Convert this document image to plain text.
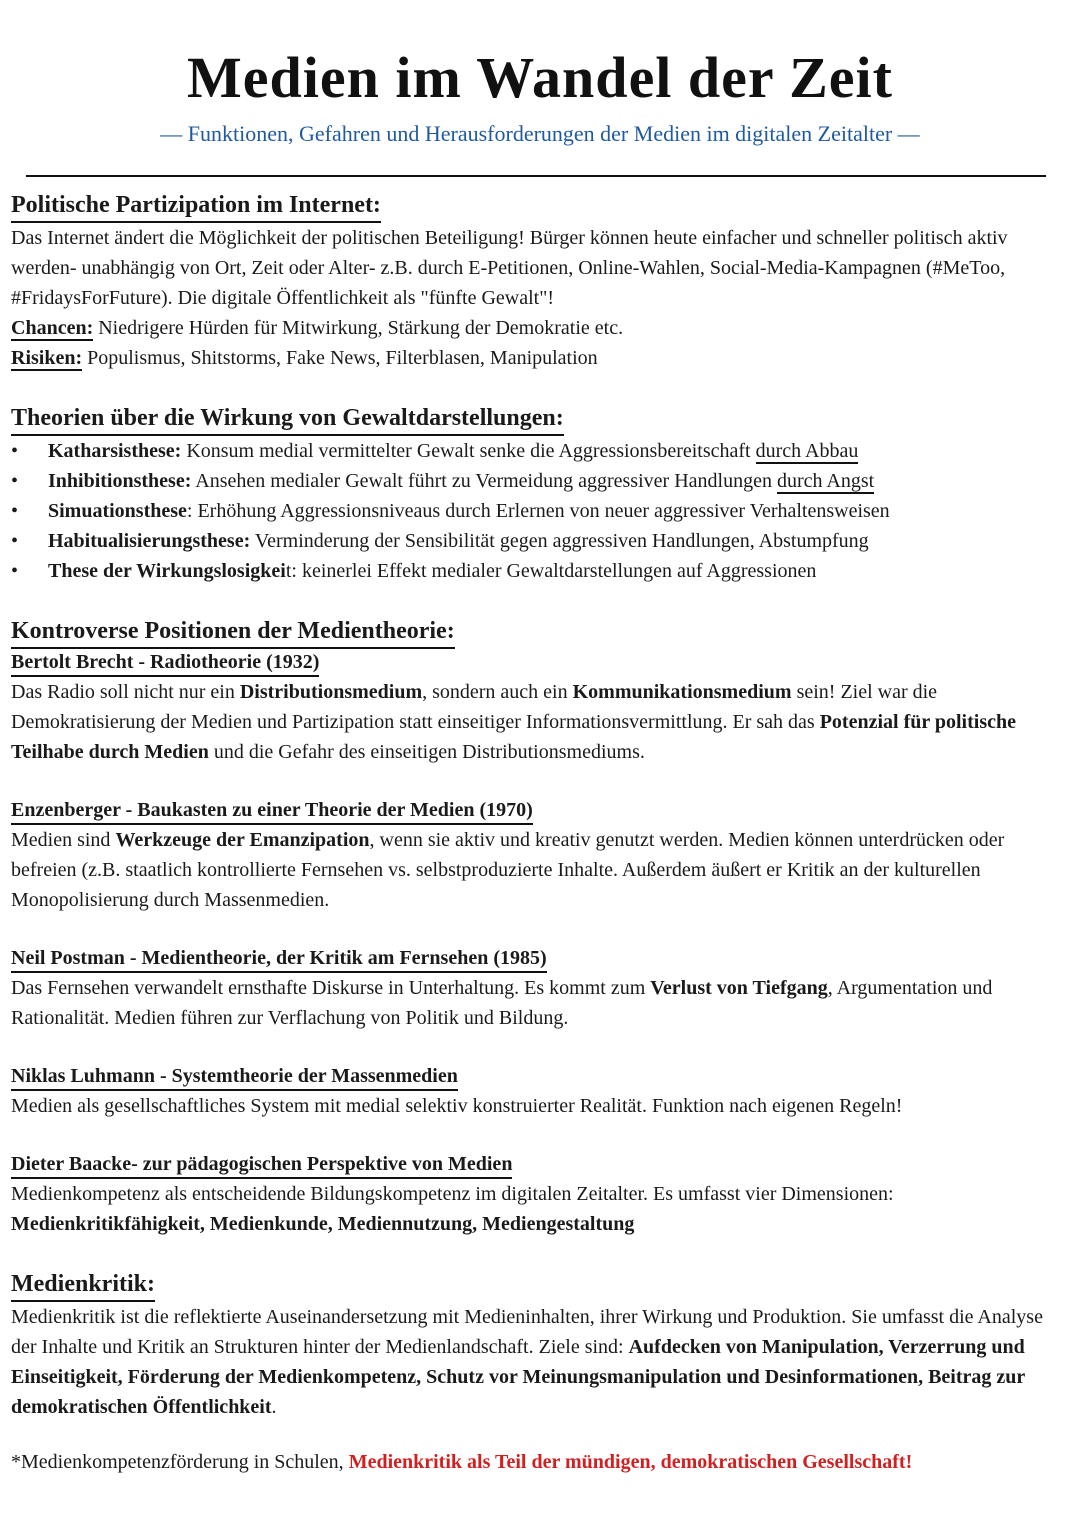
Medien im Wandel der Zeit
— Funktionen, Gefahren und Herausforderungen der Medien im digitalen Zeitalter —
Politische Partizipation im Internet:

Das Internet ändert die Möglichkeit der politischen Beteiligung! Bürger können heute einfacher und schneller politisch aktiv werden- unabhängig von Ort, Zeit oder Alter- z.B. durch E-Petitionen, Online-Wahlen, Social-Media-Kampagnen (#MeToo, #FridaysForFuture). Die digitale Öffentlichkeit als "fünfte Gewalt"!

Chancen: Niedrigere Hürden für Mitwirkung, Stärkung der Demokratie etc.

Risiken: Populismus, Shitstorms, Fake News, Filterblasen, Manipulation

Theorien über die Wirkung von Gewaltdarstellungen:
• Katharsisthese: Konsum medial vermittelter Gewalt senke die Aggressionsbereitschaft durch Abbau
• Inhibitionsthese: Ansehen medialer Gewalt führt zu Vermeidung aggressiver Handlungen durch Angst
• Simuationsthese: Erhöhung Aggressionsniveaus durch Erlernen von neuer aggressiver Verhaltensweisen
• Habitualisierungsthese: Verminderung der Sensibilität gegen aggressiven Handlungen, Abstumpfung
• These der Wirkungslosigkeit: keinerlei Effekt medialer Gewaltdarstellungen auf Aggressionen
Kontroverse Positionen der Medientheorie:
Bertolt Brecht - Radiotheorie (1932)

Das Radio soll nicht nur ein Distributionsmedium, sondern auch ein Kommunikationsmedium sein! Ziel war die Demokratisierung der Medien und Partizipation statt einseitiger Informationsvermittlung. Er sah das Potenzial für politische Teilhabe durch Medien und die Gefahr des einseitigen Distributionsmediums.

Enzenberger - Baukasten zu einer Theorie der Medien (1970)

Medien sind Werkzeuge der Emanzipation, wenn sie aktiv und kreativ genutzt werden. Medien können unterdrücken oder befreien (z.B. staatlich kontrollierte Fernsehen vs. selbstproduzierte Inhalte. Außerdem äußert er Kritik an der kulturellen Monopolisierung durch Massenmedien.

Neil Postman - Medientheorie, der Kritik am Fernsehen (1985)

Das Fernsehen verwandelt ernsthafte Diskurse in Unterhaltung. Es kommt zum Verlust von Tiefgang, Argumentation und Rationalität. Medien führen zur Verflachung von Politik und Bildung.

Niklas Luhmann - Systemtheorie der Massenmedien

Medien als gesellschaftliches System mit medial selektiv konstruierter Realität. Funktion nach eigenen Regeln!

Dieter Baacke- zur pädagogischen Perspektive von Medien

Medienkompetenz als entscheidende Bildungskompetenz im digitalen Zeitalter. Es umfasst vier Dimensionen:

Medienkritikfähigkeit, Medienkunde, Mediennutzung, Mediengestaltung

Medienkritik:

Medienkritik ist die reflektierte Auseinandersetzung mit Medieninhalten, ihrer Wirkung und Produktion. Sie umfasst die Analyse der Inhalte und Kritik an Strukturen hinter der Medienlandschaft. Ziele sind: Aufdecken von Manipulation, Verzerrung und Einseitigkeit, Förderung der Medienkompetenz, Schutz vor Meinungsmanipulation und Desinformationen, Beitrag zur demokratischen Öffentlichkeit.

*Medienkompetenzförderung in Schulen, Medienkritik als Teil der mündigen, demokratischen Gesellschaft!
